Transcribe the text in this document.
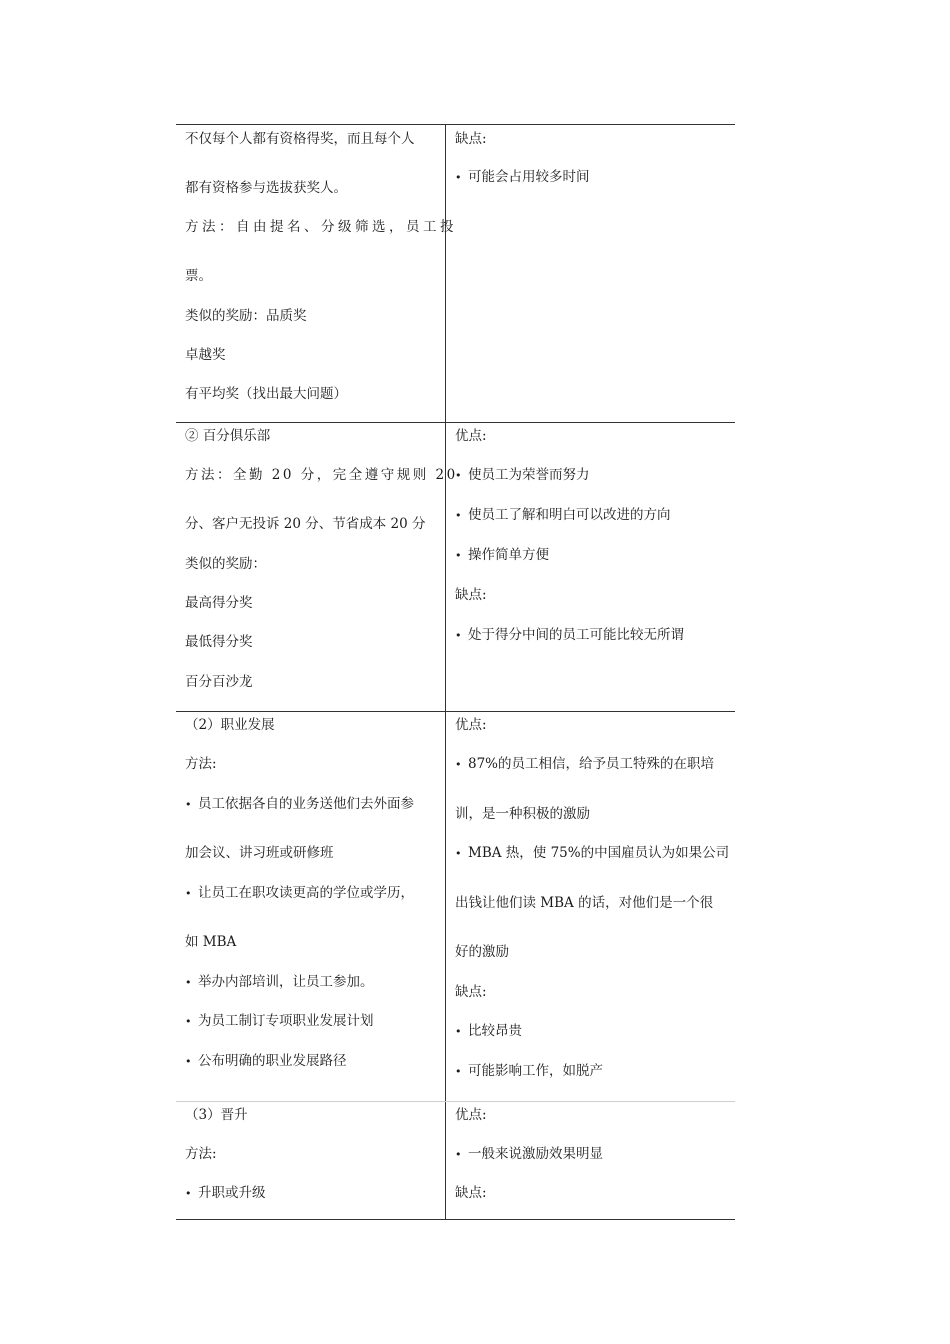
不仅每个人都有资格得奖，而且每个人
都有资格参与选拔获奖人。
方法：自由提名、分级筛选，员工投
票。
类似的奖励：品质奖
卓越奖
有平均奖（找出最大问题）
缺点:
• 可能会占用较多时间
② 百分俱乐部
方法：全勤 20 分，完全遵守规则 20
分、客户无投诉 20 分、节省成本 20 分
类似的奖励：
最高得分奖
最低得分奖
百分百沙龙
优点:
• 使员工为荣誉而努力
• 使员工了解和明白可以改进的方向
• 操作简单方便
缺点:
• 处于得分中间的员工可能比较无所谓
（2）职业发展
方法:
• 员工依据各自的业务送他们去外面参
加会议、讲习班或研修班
• 让员工在职攻读更高的学位或学历，
如 MBA
• 举办内部培训，让员工参加。
• 为员工制订专项职业发展计划
• 公布明确的职业发展路径
优点:
• 87%的员工相信，给予员工特殊的在职培
训，是一种积极的激励
• MBA 热，使 75%的中国雇员认为如果公司
出钱让他们读 MBA 的话，对他们是一个很
好的激励
缺点:
• 比较昂贵
• 可能影响工作，如脱产
（3）晋升
方法:
• 升职或升级
优点:
• 一般来说激励效果明显
缺点:
